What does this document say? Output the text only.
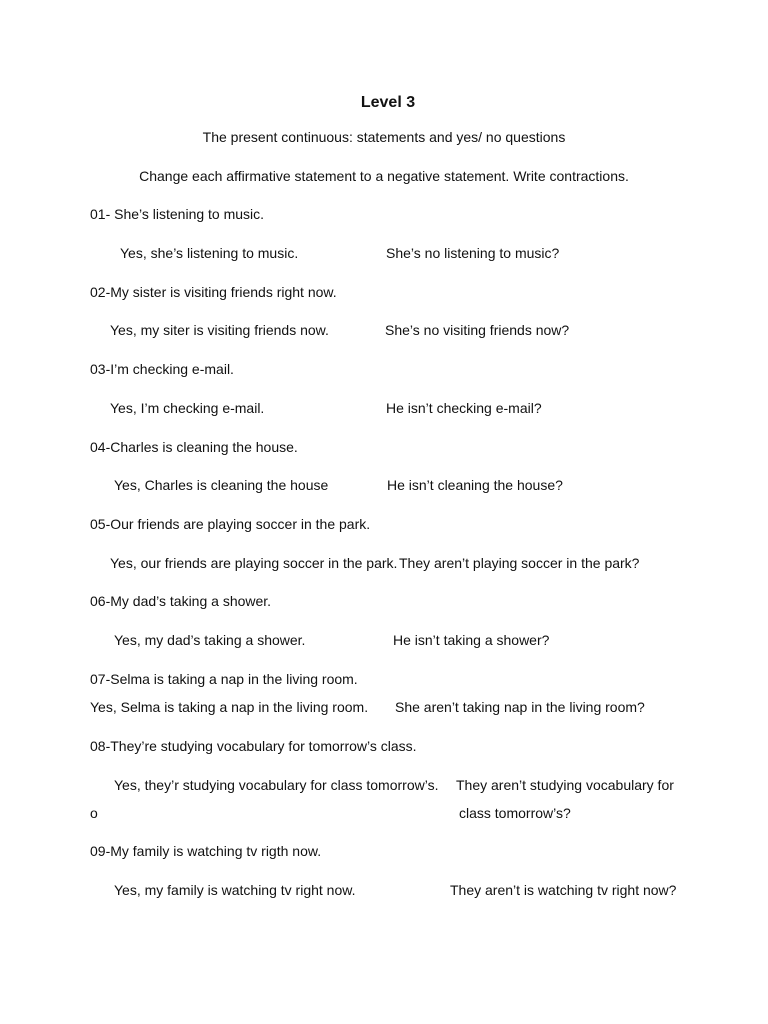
Level 3
The present continuous: statements and yes/ no questions
Change each affirmative statement to a negative statement. Write contractions.
01- She’s listening to music.
Yes, she’s listening to music.	She’s no listening to music?
02-My sister is visiting friends right now.
Yes, my siter is visiting friends now.	She’s no visiting friends now?
03-I’m checking e-mail.
Yes, I’m checking e-mail.	He isn’t checking e-mail?
04-Charles is cleaning the house.
Yes, Charles is cleaning the house	He isn’t cleaning the house?
05-Our friends are playing soccer in the park.
Yes, our friends are playing soccer in the park. They aren’t playing soccer in the park?
06-My dad’s taking a shower.
Yes, my dad’s taking a shower.	He isn’t taking a shower?
07-Selma is taking a nap in the living room.
Yes, Selma is taking a nap in the living room. She aren’t taking nap in the living room?
08-They’re studying vocabulary for tomorrow’s class.
Yes, they’r studying vocabulary for class tomorrow’s. They aren’t studying vocabulary for
o	class tomorrow’s?
09-My family is watching tv rigth now.
Yes, my family is watching tv right now.	They aren’t is watching tv right now?
